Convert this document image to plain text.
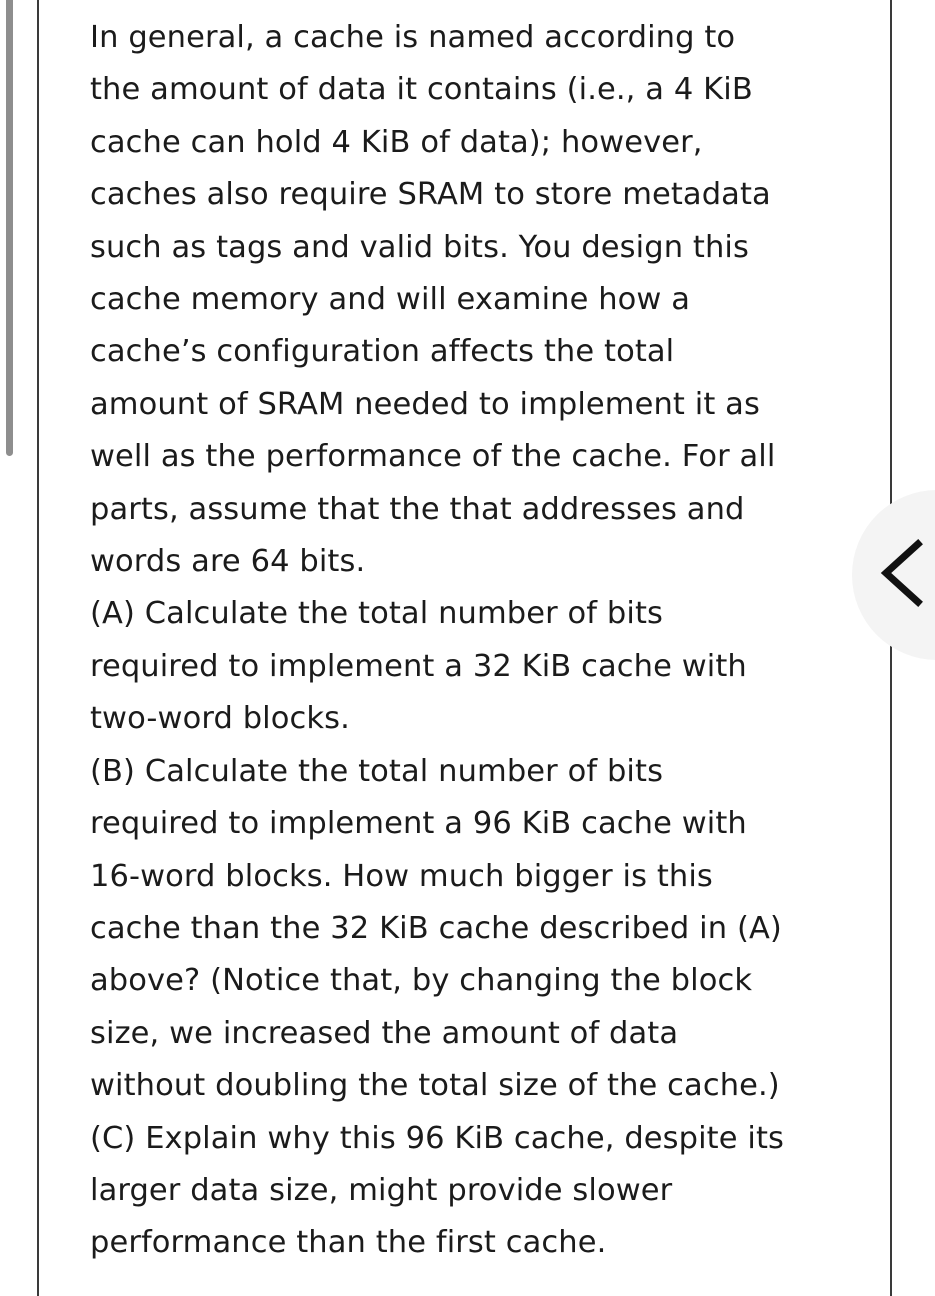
In general, a cache is named according to
the amount of data it contains (i.e., a 4 KiB
cache can hold 4 KiB of data); however,
caches also require SRAM to store metadata
such as tags and valid bits. You design this
cache memory and will examine how a
cache’s configuration affects the total
amount of SRAM needed to implement it as
well as the performance of the cache. For all
parts, assume that the that addresses and
words are 64 bits.
(A) Calculate the total number of bits
required to implement a 32 KiB cache with
two-word blocks.
(B) Calculate the total number of bits
required to implement a 96 KiB cache with
16-word blocks. How much bigger is this
cache than the 32 KiB cache described in (A)
above? (Notice that, by changing the block
size, we increased the amount of data
without doubling the total size of the cache.)
(C) Explain why this 96 KiB cache, despite its
larger data size, might provide slower
performance than the first cache.
